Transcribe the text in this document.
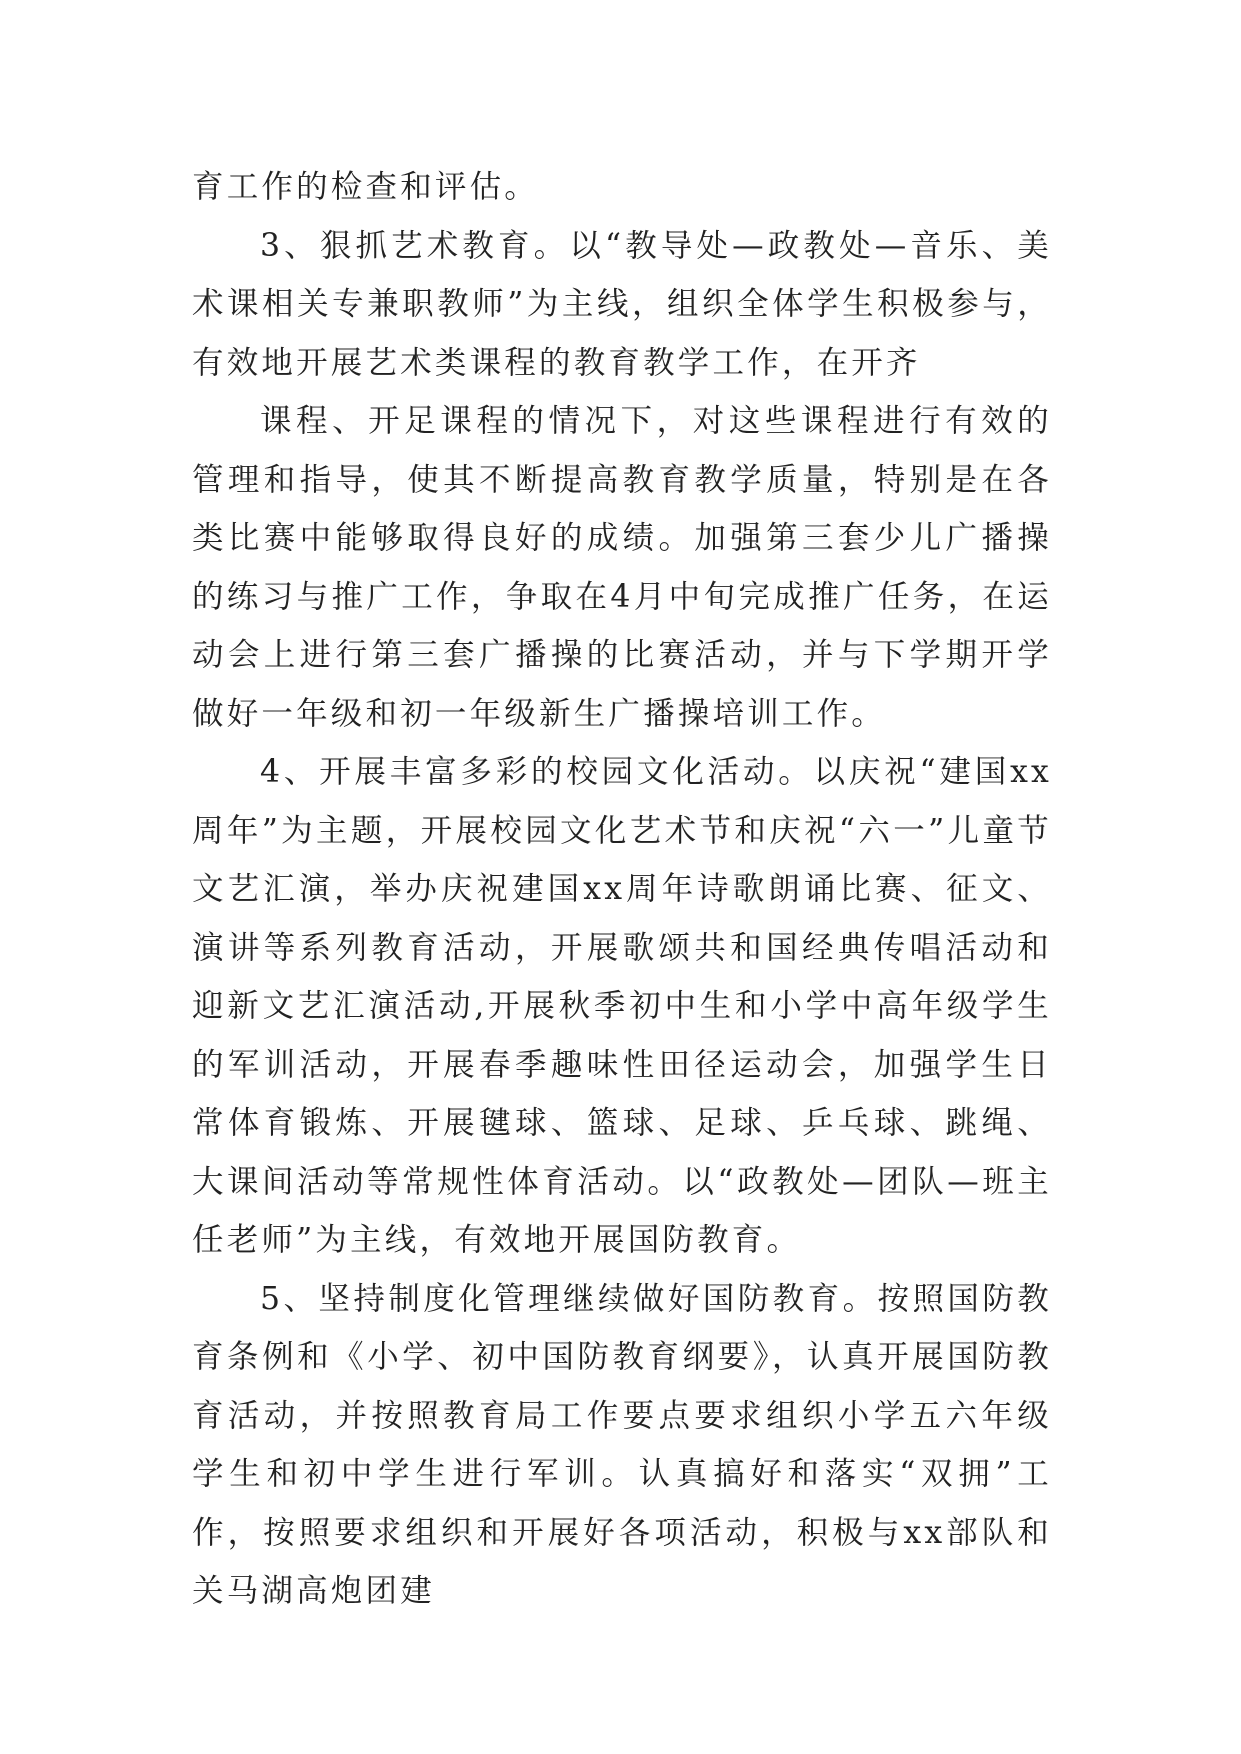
育工作的检查和评估。

3、狠抓艺术教育。以“教导处—政教处—音乐、美术课相关专兼职教师”为主线，组织全体学生积极参与，有效地开展艺术类课程的教育教学工作，在开齐

课程、开足课程的情况下，对这些课程进行有效的管理和指导，使其不断提高教育教学质量，特别是在各类比赛中能够取得良好的成绩。加强第三套少儿广播操的练习与推广工作，争取在4月中旬完成推广任务，在运动会上进行第三套广播操的比赛活动，并与下学期开学做好一年级和初一年级新生广播操培训工作。

4、开展丰富多彩的校园文化活动。以庆祝“建国xx周年”为主题，开展校园文化艺术节和庆祝“六一”儿童节文艺汇演，举办庆祝建国xx周年诗歌朗诵比赛、征文、演讲等系列教育活动，开展歌颂共和国经典传唱活动和迎新文艺汇演活动,开展秋季初中生和小学中高年级学生的军训活动，开展春季趣味性田径运动会，加强学生日常体育锻炼、开展毽球、篮球、足球、乒乓球、跳绳、大课间活动等常规性体育活动。以“政教处—团队—班主任老师”为主线，有效地开展国防教育。

5、坚持制度化管理继续做好国防教育。按照国防教育条例和《小学、初中国防教育纲要》，认真开展国防教育活动，并按照教育局工作要点要求组织小学五六年级学生和初中学生进行军训。认真搞好和落实“双拥”工作，按照要求组织和开展好各项活动，积极与xx部队和关马湖高炮团建
